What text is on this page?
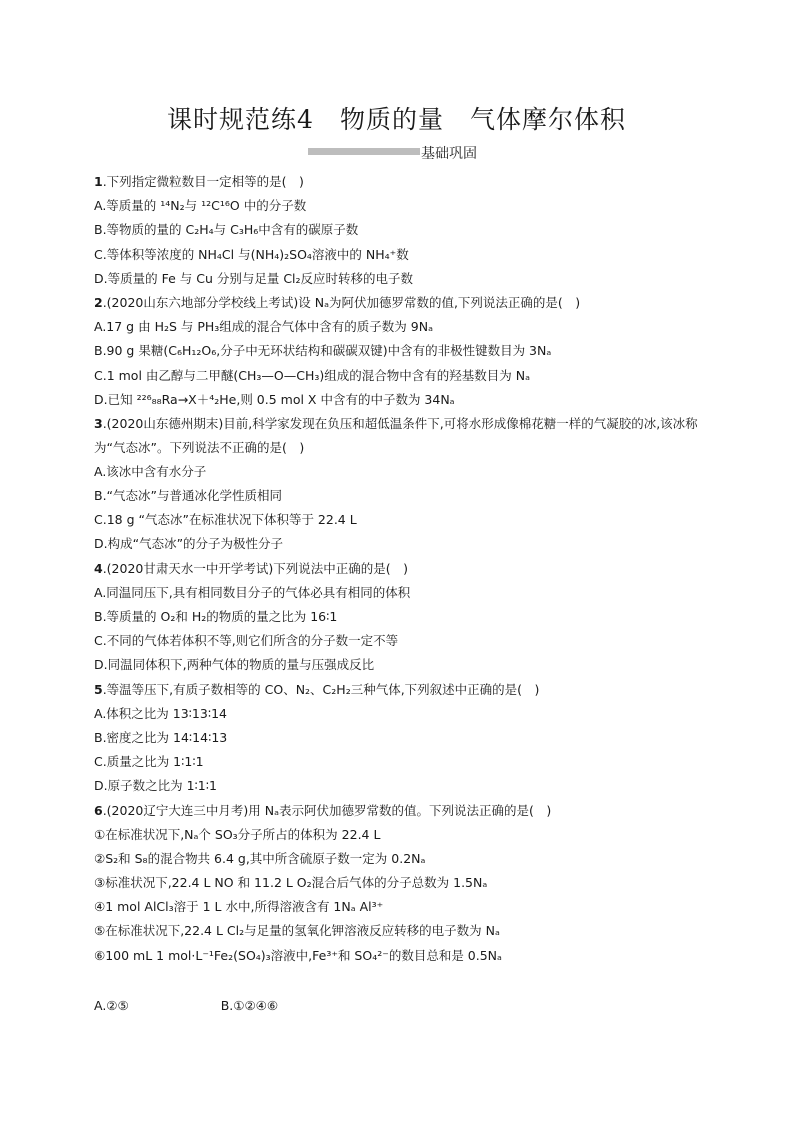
课时规范练4　物质的量　气体摩尔体积
基础巩固
1.下列指定微粒数目一定相等的是(　)
A.等质量的 ¹⁴N₂与 ¹²C¹⁶O 中的分子数
B.等物质的量的 C₂H₄与 C₃H₆中含有的碳原子数
C.等体积等浓度的 NH₄Cl 与(NH₄)₂SO₄溶液中的 NH₄⁺数
D.等质量的 Fe 与 Cu 分别与足量 Cl₂反应时转移的电子数
2.(2020山东六地部分学校线上考试)设 Nₐ为阿伏加德罗常数的值,下列说法正确的是(　)
A.17 g 由 H₂S 与 PH₃组成的混合气体中含有的质子数为 9Nₐ
B.90 g 果糖(C₆H₁₂O₆,分子中无环状结构和碳碳双键)中含有的非极性键数目为 3Nₐ
C.1 mol 由乙醇与二甲醚(CH₃—O—CH₃)组成的混合物中含有的羟基数目为 Nₐ
D.已知 ²²⁶₈₈Ra→X＋⁴₂He,则 0.5 mol X 中含有的中子数为 34Nₐ
3.(2020山东德州期末)目前,科学家发现在负压和超低温条件下,可将水形成像棉花糖一样的气凝胶的冰,该冰称为“气态冰”。下列说法不正确的是(　)
A.该冰中含有水分子
B.“气态冰”与普通冰化学性质相同
C.18 g “气态冰”在标准状况下体积等于 22.4 L
D.构成“气态冰”的分子为极性分子
4.(2020甘肃天水一中开学考试)下列说法中正确的是(　)
A.同温同压下,具有相同数目分子的气体必具有相同的体积
B.等质量的 O₂和 H₂的物质的量之比为 16∶1
C.不同的气体若体积不等,则它们所含的分子数一定不等
D.同温同体积下,两种气体的物质的量与压强成反比
5.等温等压下,有质子数相等的 CO、N₂、C₂H₂三种气体,下列叙述中正确的是(　)
A.体积之比为 13∶13∶14
B.密度之比为 14∶14∶13
C.质量之比为 1∶1∶1
D.原子数之比为 1∶1∶1
6.(2020辽宁大连三中月考)用 Nₐ表示阿伏加德罗常数的值。下列说法正确的是(　)
①在标准状况下,Nₐ个 SO₃分子所占的体积为 22.4 L
②S₂和 S₈的混合物共 6.4 g,其中所含硫原子数一定为 0.2Nₐ
③标准状况下,22.4 L NO 和 11.2 L O₂混合后气体的分子总数为 1.5Nₐ
④1 mol AlCl₃溶于 1 L 水中,所得溶液含有 1Nₐ Al³⁺
⑤在标准状况下,22.4 L Cl₂与足量的氢氧化钾溶液反应转移的电子数为 Nₐ
⑥100 mL 1 mol·L⁻¹Fe₂(SO₄)₃溶液中,Fe³⁺和 SO₄²⁻的数目总和是 0.5Nₐ
A.②⑤	B.①②④⑥
